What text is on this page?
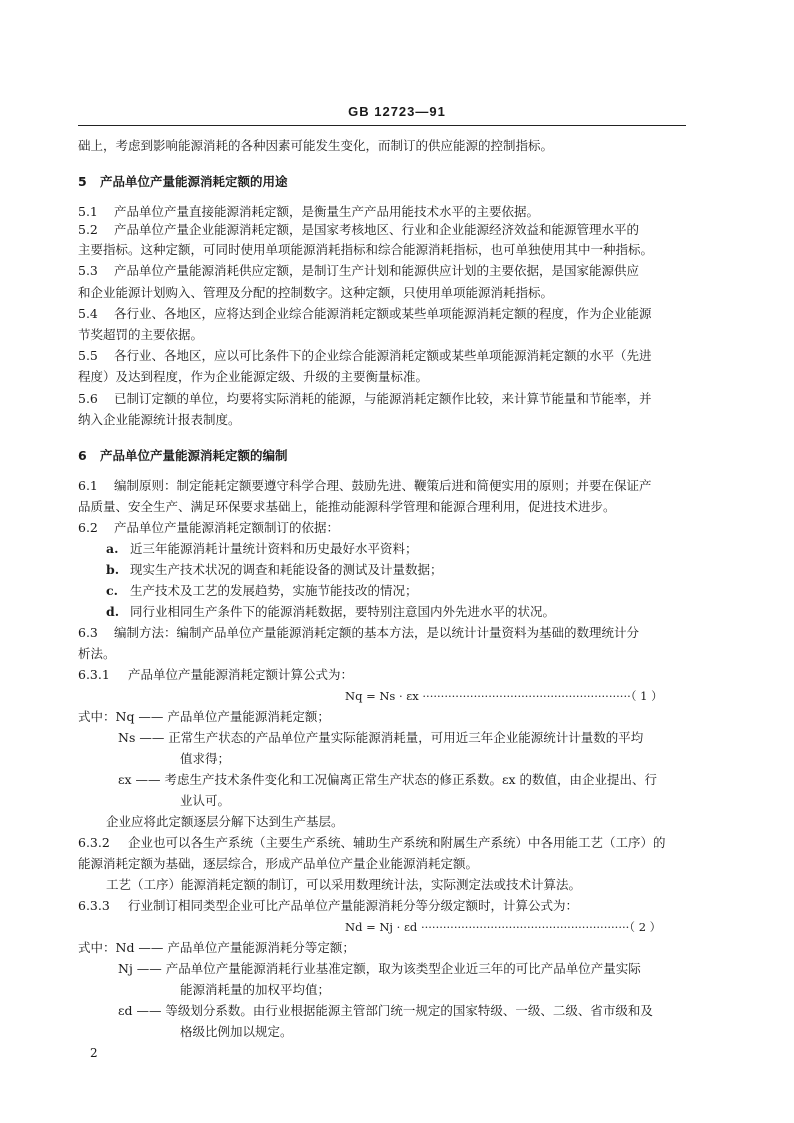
GB 12723—91
础上，考虑到影响能源消耗的各种因素可能发生变化，而制订的供应能源的控制指标。
5 产品单位产量能源消耗定额的用途
5.1 产品单位产量直接能源消耗定额，是衡量生产产品用能技术水平的主要依据。
5.2 产品单位产量企业能源消耗定额，是国家考核地区、行业和企业能源经济效益和能源管理水平的
主要指标。这种定额，可同时使用单项能源消耗指标和综合能源消耗指标，也可单独使用其中一种指标。
5.3 产品单位产量能源消耗供应定额，是制订生产计划和能源供应计划的主要依据，是国家能源供应
和企业能源计划购入、管理及分配的控制数字。这种定额，只使用单项能源消耗指标。
5.4 各行业、各地区，应将达到企业综合能源消耗定额或某些单项能源消耗定额的程度，作为企业能源
节奖超罚的主要依据。
5.5 各行业、各地区，应以可比条件下的企业综合能源消耗定额或某些单项能源消耗定额的水平（先进
程度）及达到程度，作为企业能源定级、升级的主要衡量标准。
5.6 已制订定额的单位，均要将实际消耗的能源，与能源消耗定额作比较，来计算节能量和节能率，并
纳入企业能源统计报表制度。
6 产品单位产量能源消耗定额的编制
6.1 编制原则：制定能耗定额要遵守科学合理、鼓励先进、鞭策后进和简便实用的原则；并要在保证产
品质量、安全生产、满足环保要求基础上，能推动能源科学管理和能源合理利用，促进技术进步。
6.2 产品单位产量能源消耗定额制订的依据：
a. 近三年能源消耗计量统计资料和历史最好水平资料；
b. 现实生产技术状况的调查和耗能设备的测试及计量数据；
c. 生产技术及工艺的发展趋势，实施节能技改的情况；
d. 同行业相同生产条件下的能源消耗数据，要特别注意国内外先进水平的状况。
6.3 编制方法：编制产品单位产量能源消耗定额的基本方法，是以统计计量资料为基础的数理统计分
析法。
6.3.1 产品单位产量能源消耗定额计算公式为：
Nq = Ns · εx ·························································（ 1 ）
式中：Nq —— 产品单位产量能源消耗定额；
Ns —— 正常生产状态的产品单位产量实际能源消耗量，可用近三年企业能源统计计量数的平均
值求得；
εx —— 考虑生产技术条件变化和工况偏离正常生产状态的修正系数。εx 的数值，由企业提出、行
业认可。
企业应将此定额逐层分解下达到生产基层。
6.3.2 企业也可以各生产系统（主要生产系统、辅助生产系统和附属生产系统）中各用能工艺（工序）的
能源消耗定额为基础，逐层综合，形成产品单位产量企业能源消耗定额。
工艺（工序）能源消耗定额的制订，可以采用数理统计法，实际测定法或技术计算法。
6.3.3 行业制订相同类型企业可比产品单位产量能源消耗分等分级定额时，计算公式为：
Nd = Nj · εd ·························································（ 2 ）
式中：Nd —— 产品单位产量能源消耗分等定额；
Nj —— 产品单位产量能源消耗行业基准定额，取为该类型企业近三年的可比产品单位产量实际
能源消耗量的加权平均值；
εd —— 等级划分系数。由行业根据能源主管部门统一规定的国家特级、一级、二级、省市级和及
格级比例加以规定。
2
